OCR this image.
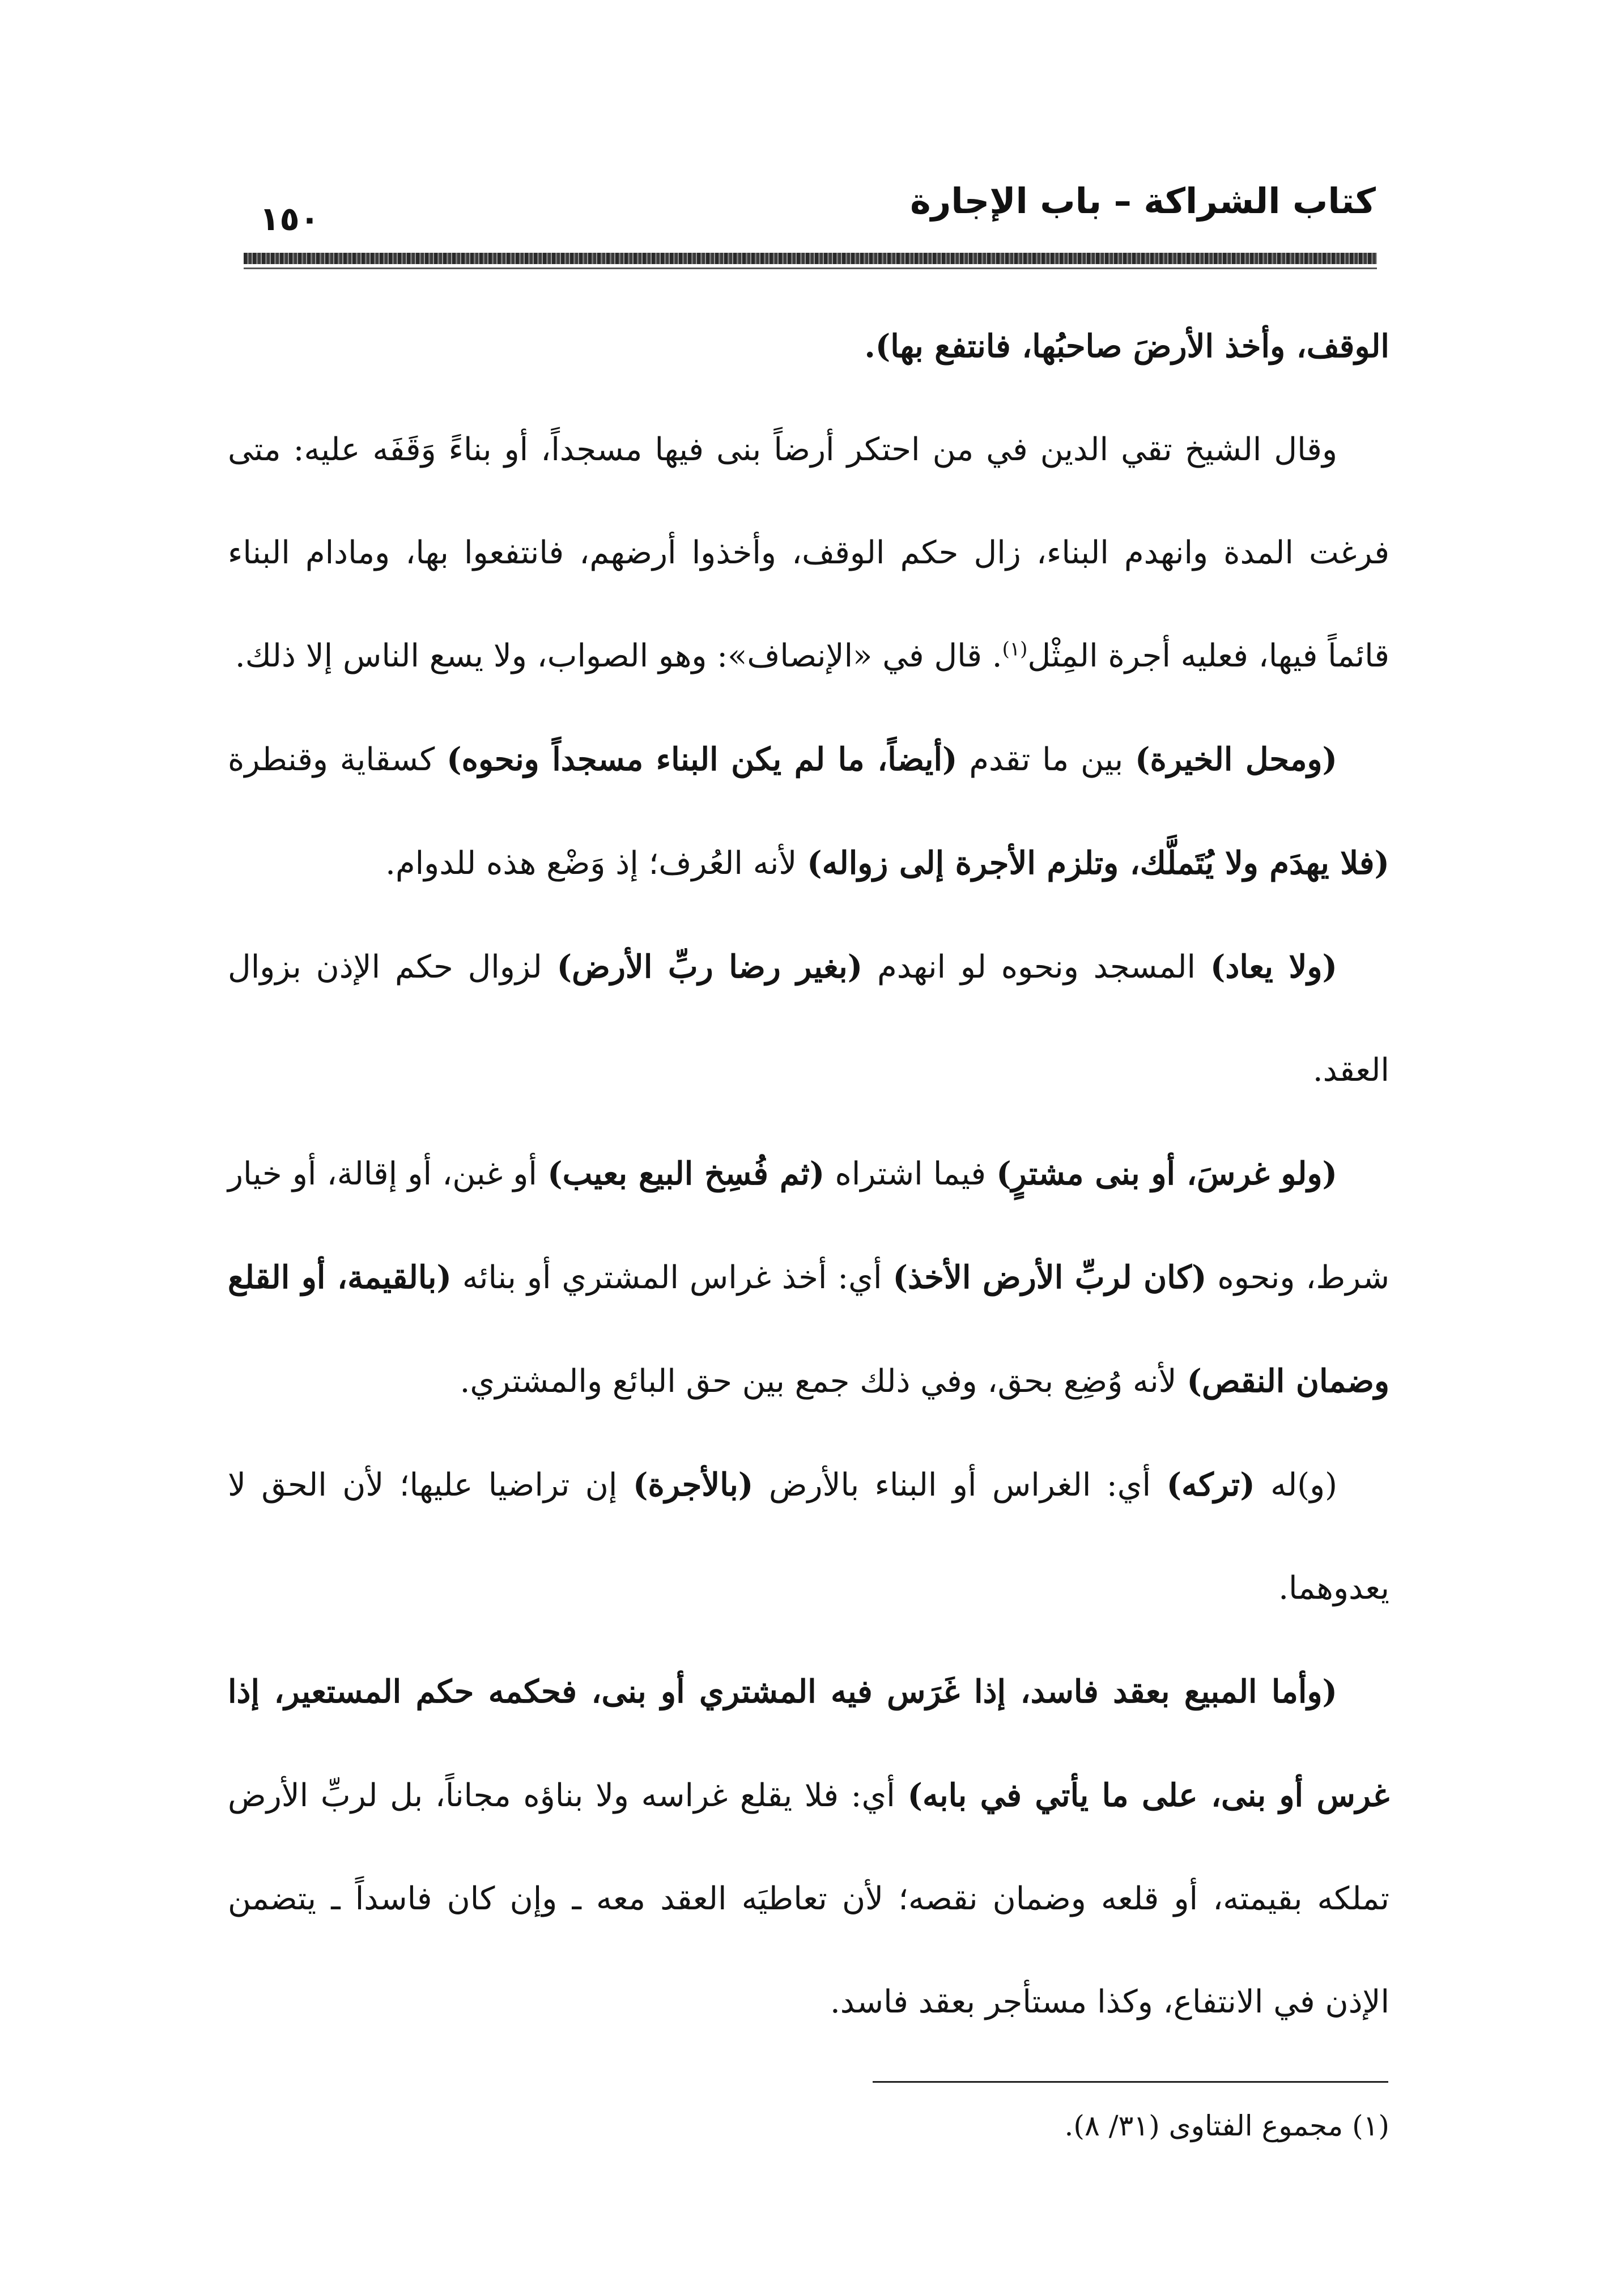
كتاب الشراكة – باب الإجارة
١٥٠

الوقف، وأخذ الأرضَ صاحبُها، فانتفع بها).

وقال الشيخ تقي الدين في من احتكر أرضاً بنى فيها مسجداً، أو بناءً وَقَفَه عليه: متى فرغت المدة وانهدم البناء، زال حكم الوقف، وأخذوا أرضهم، فانتفعوا بها، ومادام البناء قائماً فيها، فعليه أجرة المِثْل$^{(١)}$. قال في «الإنصاف»: وهو الصواب، ولا يسع الناس إلا ذلك.

(ومحل الخيرة) بين ما تقدم (أيضاً، ما لم يكن البناء مسجداً ونحوه) كسقاية وقنطرة (فلا يهدَم ولا يُتَملَّك، وتلزم الأجرة إلى زواله) لأنه العُرف؛ إذ وَضْع هذه للدوام.

(ولا يعاد) المسجد ونحوه لو انهدم (بغير رضا ربِّ الأرض) لزوال حكم الإذن بزوال العقد.

(ولو غرسَ، أو بنى مشترٍ) فيما اشتراه (ثم فُسِخ البيع بعيب) أو غبن، أو إقالة، أو خيار شرط، ونحوه (كان لربِّ الأرض الأخذ) أي: أخذ غراس المشتري أو بنائه (بالقيمة، أو القلع وضمان النقص) لأنه وُضِع بحق، وفي ذلك جمع بين حق البائع والمشتري.

(و)له (تركه) أي: الغراس أو البناء بالأرض (بالأجرة) إن تراضيا عليها؛ لأن الحق لا يعدوهما.

(وأما المبيع بعقد فاسد، إذا غَرَس فيه المشتري أو بنى، فحكمه حكم المستعير، إذا غرس أو بنى، على ما يأتي في بابه) أي: فلا يقلع غراسه ولا بناؤه مجاناً، بل لربِّ الأرض تملكه بقيمته، أو قلعه وضمان نقصه؛ لأن تعاطيَه العقد معه ـ وإن كان فاسداً ـ يتضمن الإذن في الانتفاع، وكذا مستأجر بعقد فاسد.

(١) مجموع الفتاوى (٣١/ ٨).
